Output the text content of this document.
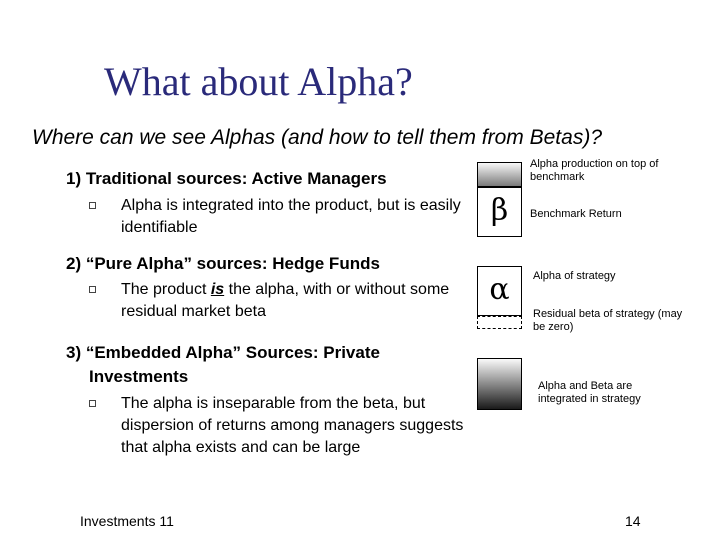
What about Alpha?
Where can we see Alphas (and how to tell them from Betas)?
1) Traditional sources: Active Managers
Alpha is integrated into the product, but is easily identifiable
2) “Pure Alpha” sources: Hedge Funds
The product is the alpha, with or without some residual market beta
3) “Embedded Alpha” Sources: Private
Investments
The alpha is inseparable from the beta, but dispersion of returns among managers suggests that alpha exists and can be large
β
α
Alpha production on top of benchmark
Benchmark Return
Alpha of strategy
Residual beta of strategy (may be zero)
Alpha and Beta are integrated in strategy
Investments 11	14
